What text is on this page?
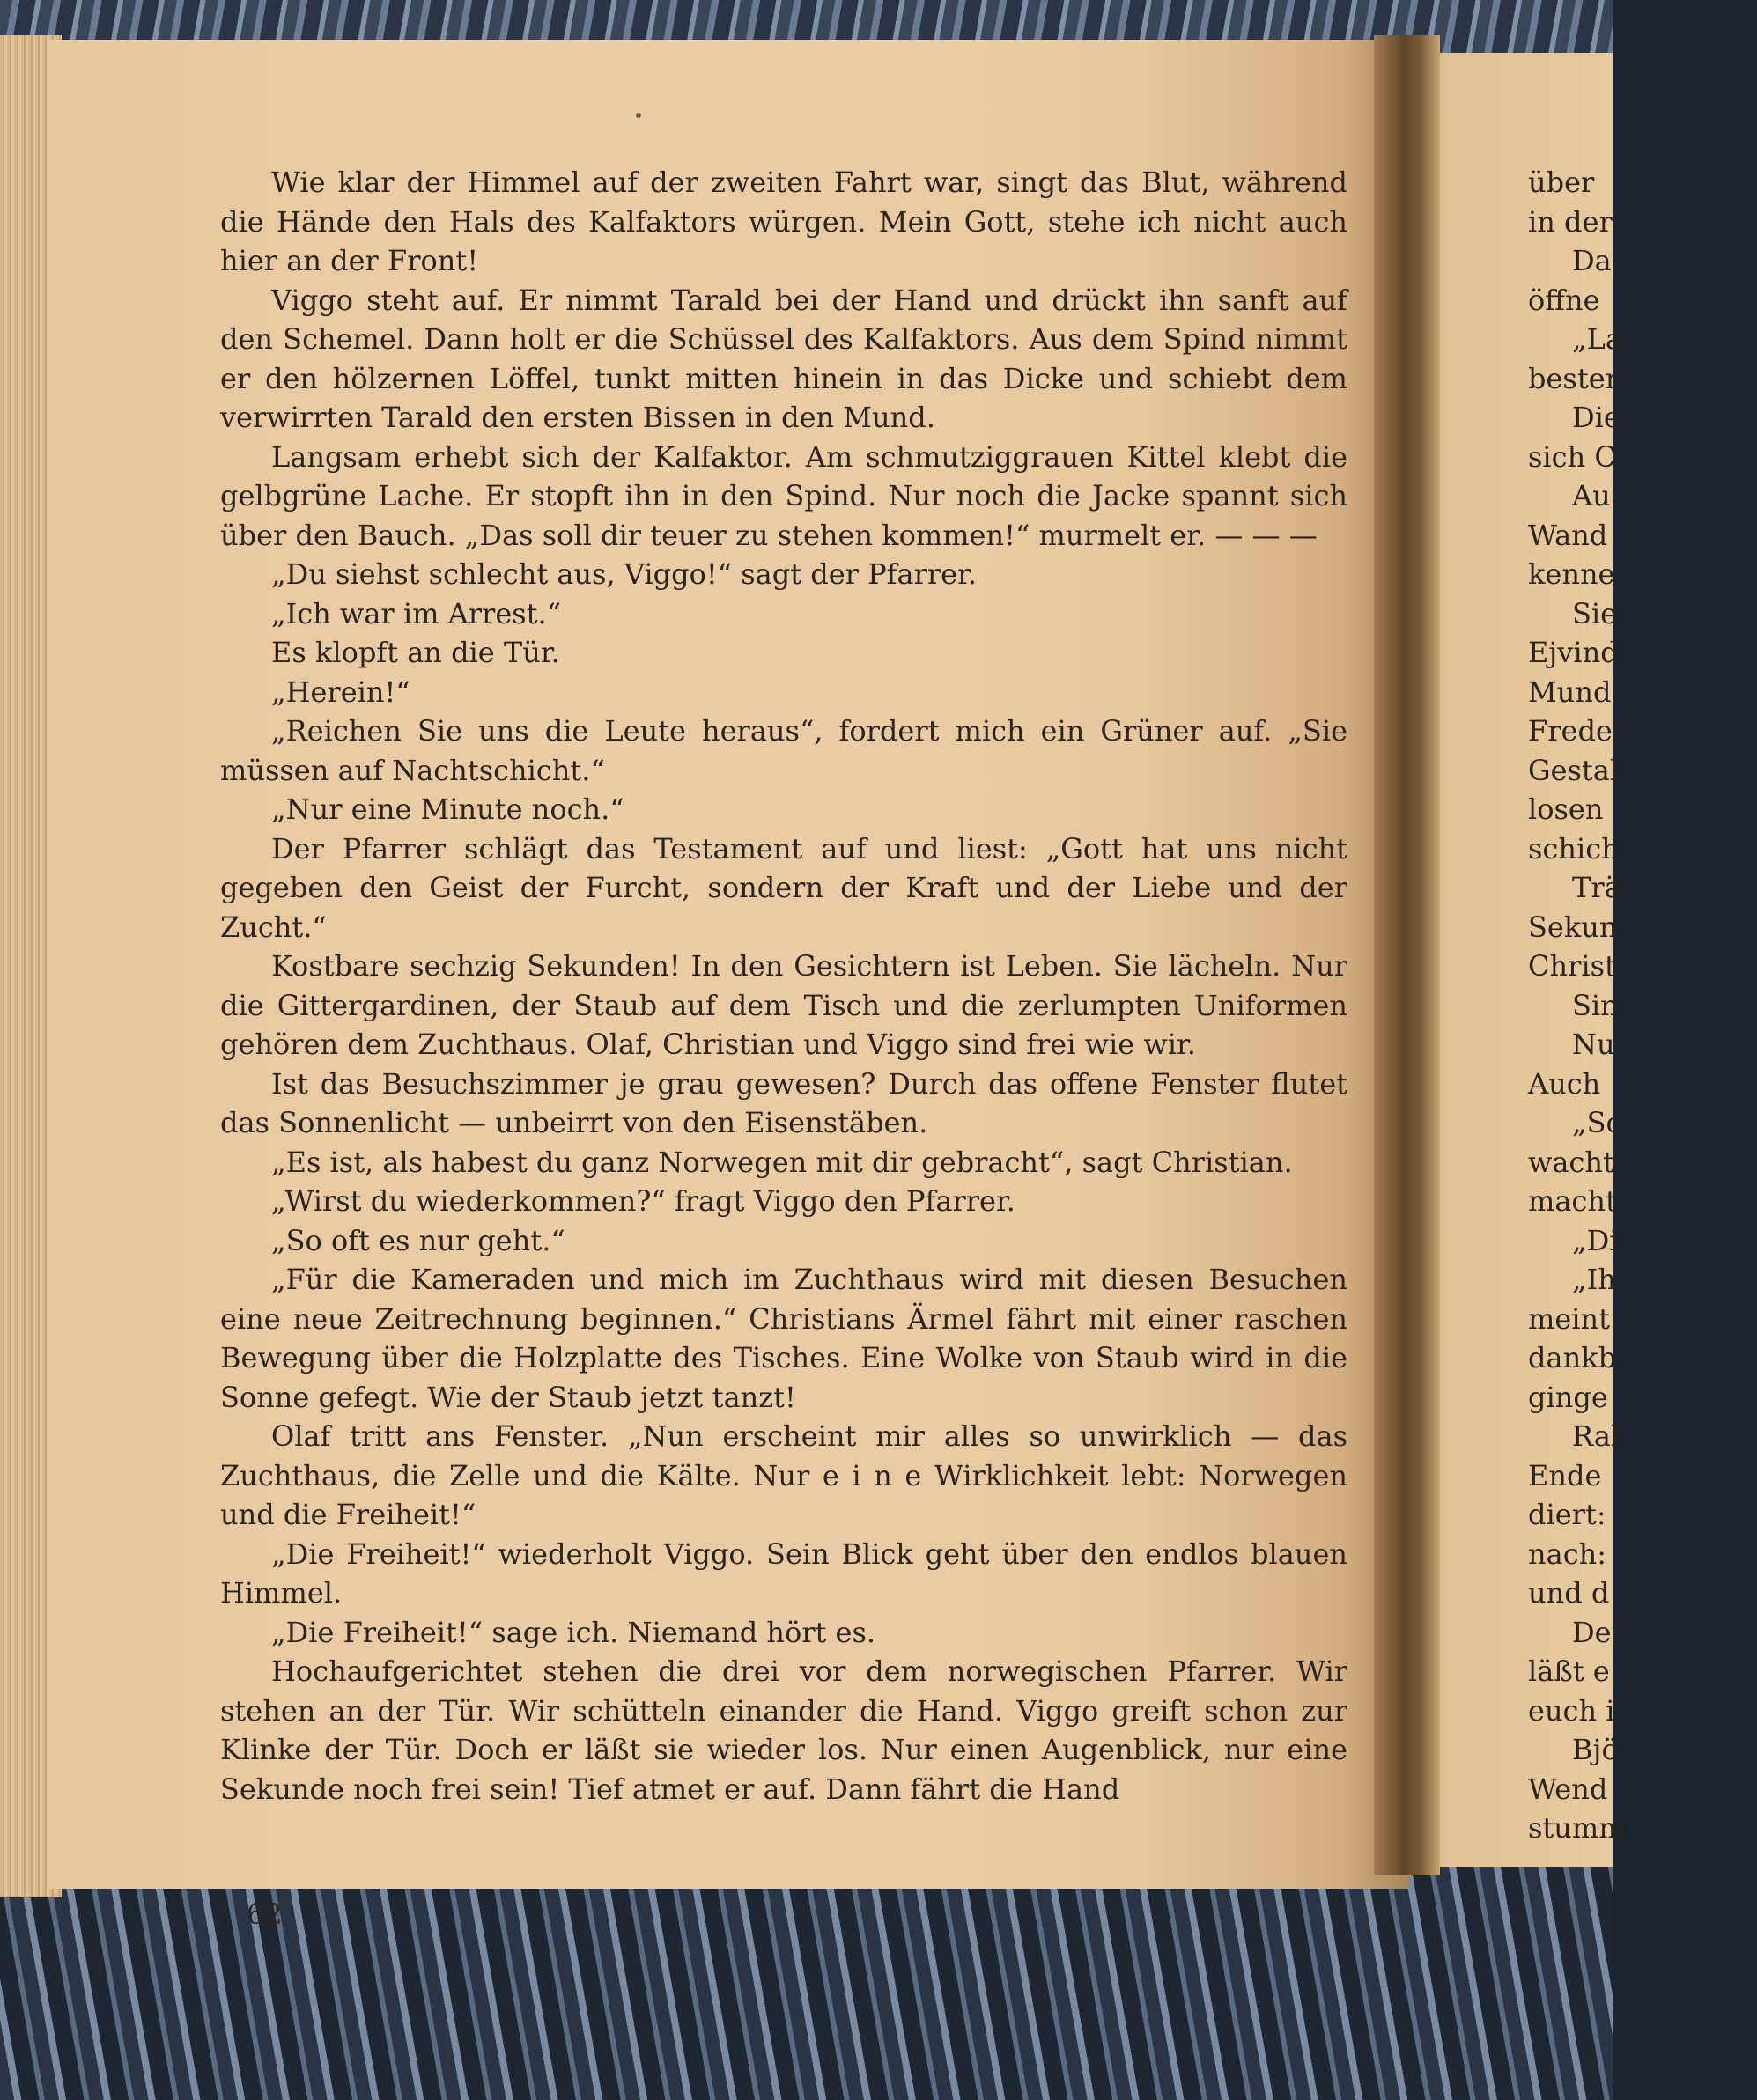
Wie klar der Himmel auf der zweiten Fahrt war, singt das Blut, während die Hände den Hals des Kalfaktors würgen. Mein Gott, stehe ich nicht auch hier an der Front!

Viggo steht auf. Er nimmt Tarald bei der Hand und drückt ihn sanft auf den Schemel. Dann holt er die Schüssel des Kalfaktors. Aus dem Spind nimmt er den hölzernen Löffel, tunkt mitten hinein in das Dicke und schiebt dem verwirrten Tarald den ersten Bissen in den Mund.

Langsam erhebt sich der Kalfaktor. Am schmutziggrauen Kittel klebt die gelbgrüne Lache. Er stopft ihn in den Spind. Nur noch die Jacke spannt sich über den Bauch. „Das soll dir teuer zu stehen kommen!“ murmelt er. — — —

„Du siehst schlecht aus, Viggo!“ sagt der Pfarrer.

„Ich war im Arrest.“

Es klopft an die Tür.

„Herein!“

„Reichen Sie uns die Leute heraus“, fordert mich ein Grüner auf. „Sie müssen auf Nachtschicht.“

„Nur eine Minute noch.“

Der Pfarrer schlägt das Testament auf und liest: „Gott hat uns nicht gegeben den Geist der Furcht, sondern der Kraft und der Liebe und der Zucht.“

Kostbare sechzig Sekunden! In den Gesichtern ist Leben. Sie lächeln. Nur die Gittergardinen, der Staub auf dem Tisch und die zerlumpten Uniformen gehören dem Zuchthaus. Olaf, Christian und Viggo sind frei wie wir.

Ist das Besuchszimmer je grau gewesen? Durch das offene Fenster flutet das Sonnenlicht — unbeirrt von den Eisenstäben.

„Es ist, als habest du ganz Norwegen mit dir gebracht“, sagt Christian.

„Wirst du wiederkommen?“ fragt Viggo den Pfarrer.

„So oft es nur geht.“

„Für die Kameraden und mich im Zuchthaus wird mit diesen Besuchen eine neue Zeitrechnung beginnen.“ Christians Ärmel fährt mit einer raschen Bewegung über die Holzplatte des Tisches. Eine Wolke von Staub wird in die Sonne gefegt. Wie der Staub jetzt tanzt!

Olaf tritt ans Fenster. „Nun erscheint mir alles so unwirklich — das Zuchthaus, die Zelle und die Kälte. Nur e i n e Wirklichkeit lebt: Norwegen und die Freiheit!“

„Die Freiheit!“ wiederholt Viggo. Sein Blick geht über den endlos blauen Himmel.

„Die Freiheit!“ sage ich. Niemand hört es.

Hochaufgerichtet stehen die drei vor dem norwegischen Pfarrer. Wir stehen an der Tür. Wir schütteln einander die Hand. Viggo greift schon zur Klinke der Tür. Doch er läßt sie wieder los. Nur einen Augenblick, nur eine Sekunde noch frei sein! Tief atmet er auf. Dann fährt die Hand

62
über
in der
Da
öffne
„La
besten
Die
sich C
Au
Wand
kenne
Sie
Ejvind
Mund
Freder
Gestal
losen
schich
Trä
Sekun
Christ
Sin
Nu
Auch
„Sc
wacht
macht
„Di
„Ih
meint
dankb
ginge
Ral
Ende
diert:
nach:
und d
Der
läßt e
euch i
Bjö
Wend
stumm
